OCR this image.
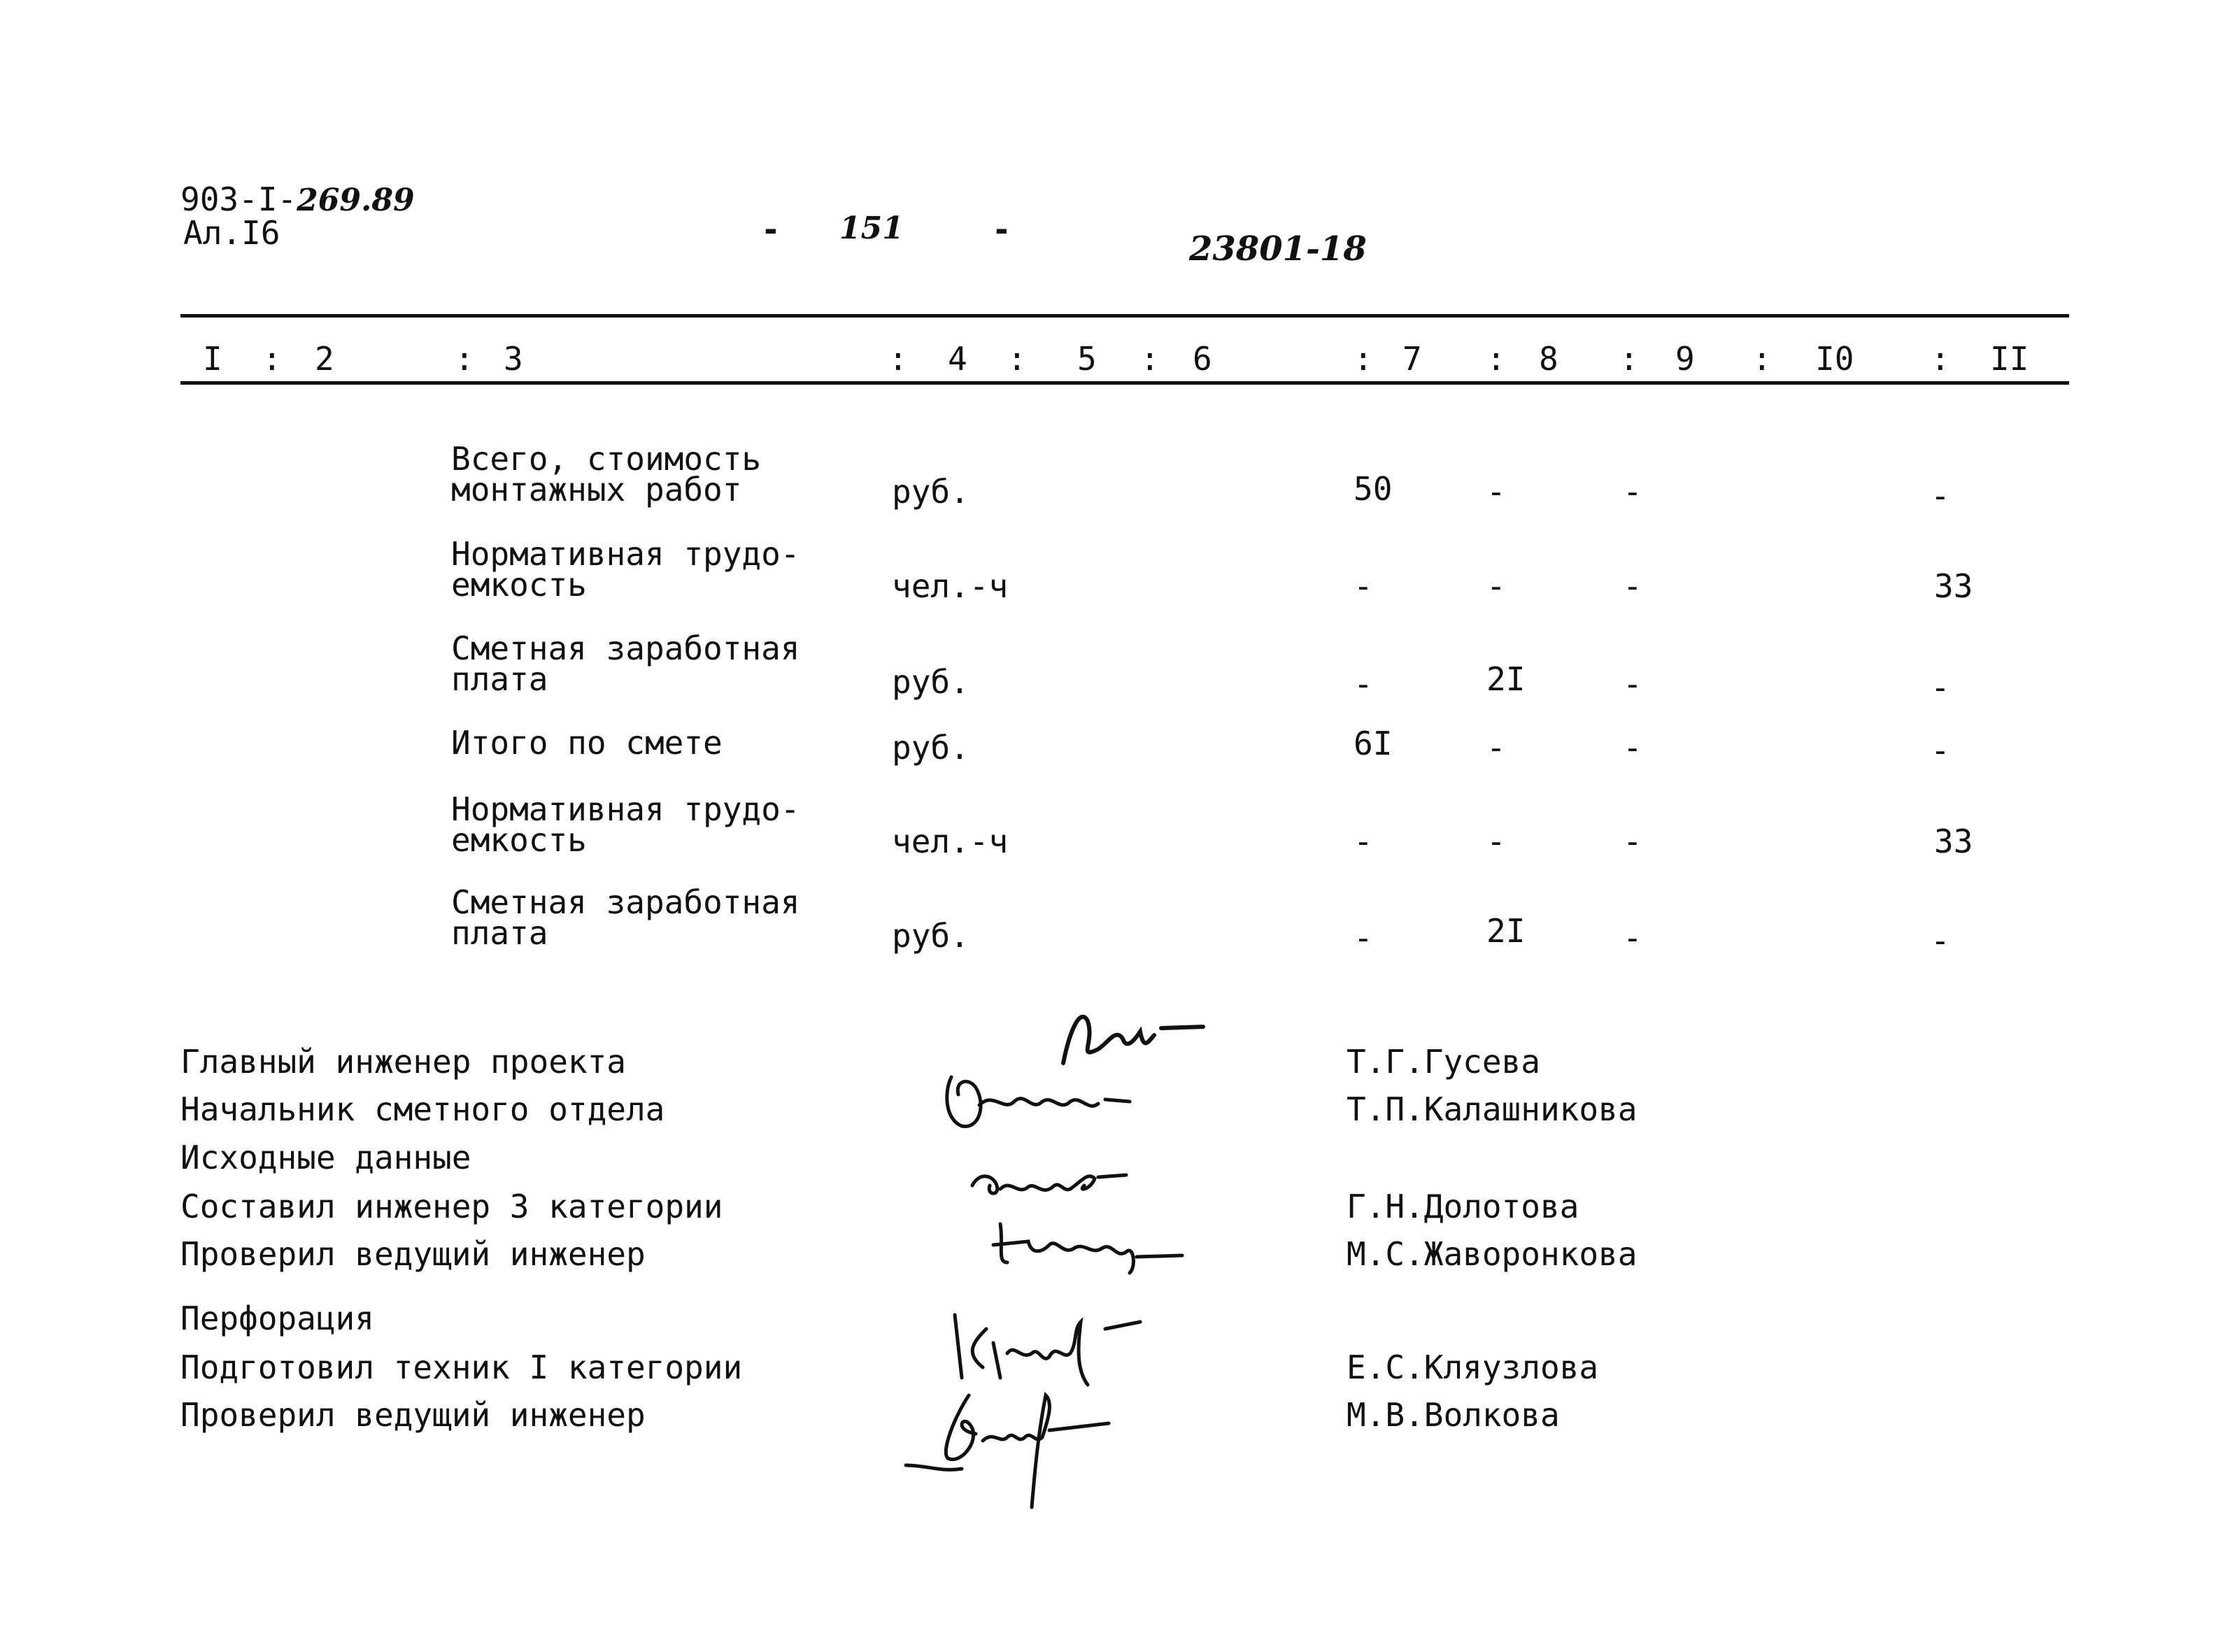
903-I-269.89
Ал.I6	- 151	-	23801-18
I : 2	: 3	: 4 : 5 : 6	: 7 : 8 : 9 : I0 : II
Всего, стоимость
монтажных работ	руб.	50	-	-	-
Нормативная трудо-
емкость	чел.-ч	-	-	-	33
Сметная заработная
плата	руб.	-	2I	-	-
Итого по смете	руб.	6I	-	-	-
Нормативная трудо-
емкость	чел.-ч	-	-	-	33
Сметная заработная
плата	руб.	-	2I	-	-
Главный инженер проекта	Т.Г.Гусева
Начальник сметного отдела	Т.П.Калашникова
Исходные данные
Составил инженер 3 категории	Г.Н.Долотова
Проверил ведущий инженер	М.С.Жаворонкова
Перфорация
Подготовил техник I категории	Е.С.Кляузлова
Проверил ведущий инженер	М.В.Волкова
